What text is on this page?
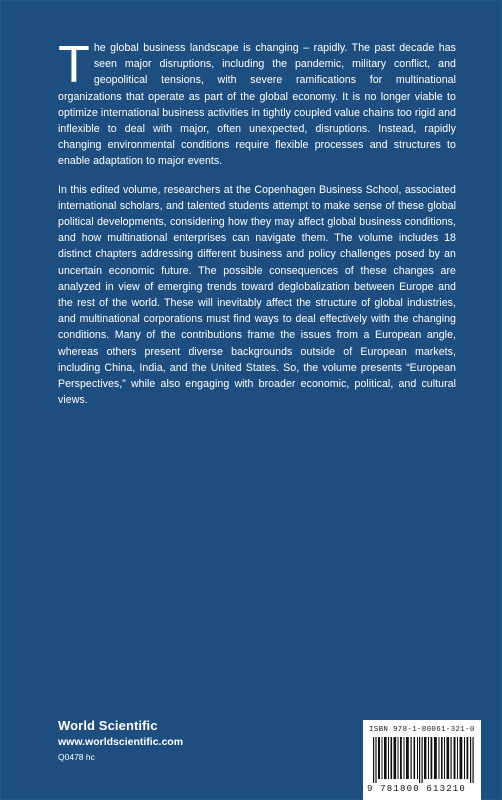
The global business landscape is changing – rapidly. The past decade has seen major disruptions, including the pandemic, military conflict, and geopolitical tensions, with severe ramifications for multinational organizations that operate as part of the global economy. It is no longer viable to optimize international business activities in tightly coupled value chains too rigid and inflexible to deal with major, often unexpected, disruptions. Instead, rapidly changing environmental conditions require flexible processes and structures to enable adaptation to major events.

In this edited volume, researchers at the Copenhagen Business School, associated international scholars, and talented students attempt to make sense of these global political developments, considering how they may affect global business conditions, and how multinational enterprises can navigate them. The volume includes 18 distinct chapters addressing different business and policy challenges posed by an uncertain economic future. The possible consequences of these changes are analyzed in view of emerging trends toward deglobalization between Europe and the rest of the world. These will inevitably affect the structure of global industries, and multinational corporations must find ways to deal effectively with the changing conditions. Many of the contributions frame the issues from a European angle, whereas others present diverse backgrounds outside of European markets, including China, India, and the United States. So, the volume presents “European Perspectives,” while also engaging with broader economic, political, and cultural views.

World Scientific
www.worldscientific.com
Q0478 hc
ISBN 978-1-80061-321-0
9 781800 613210
